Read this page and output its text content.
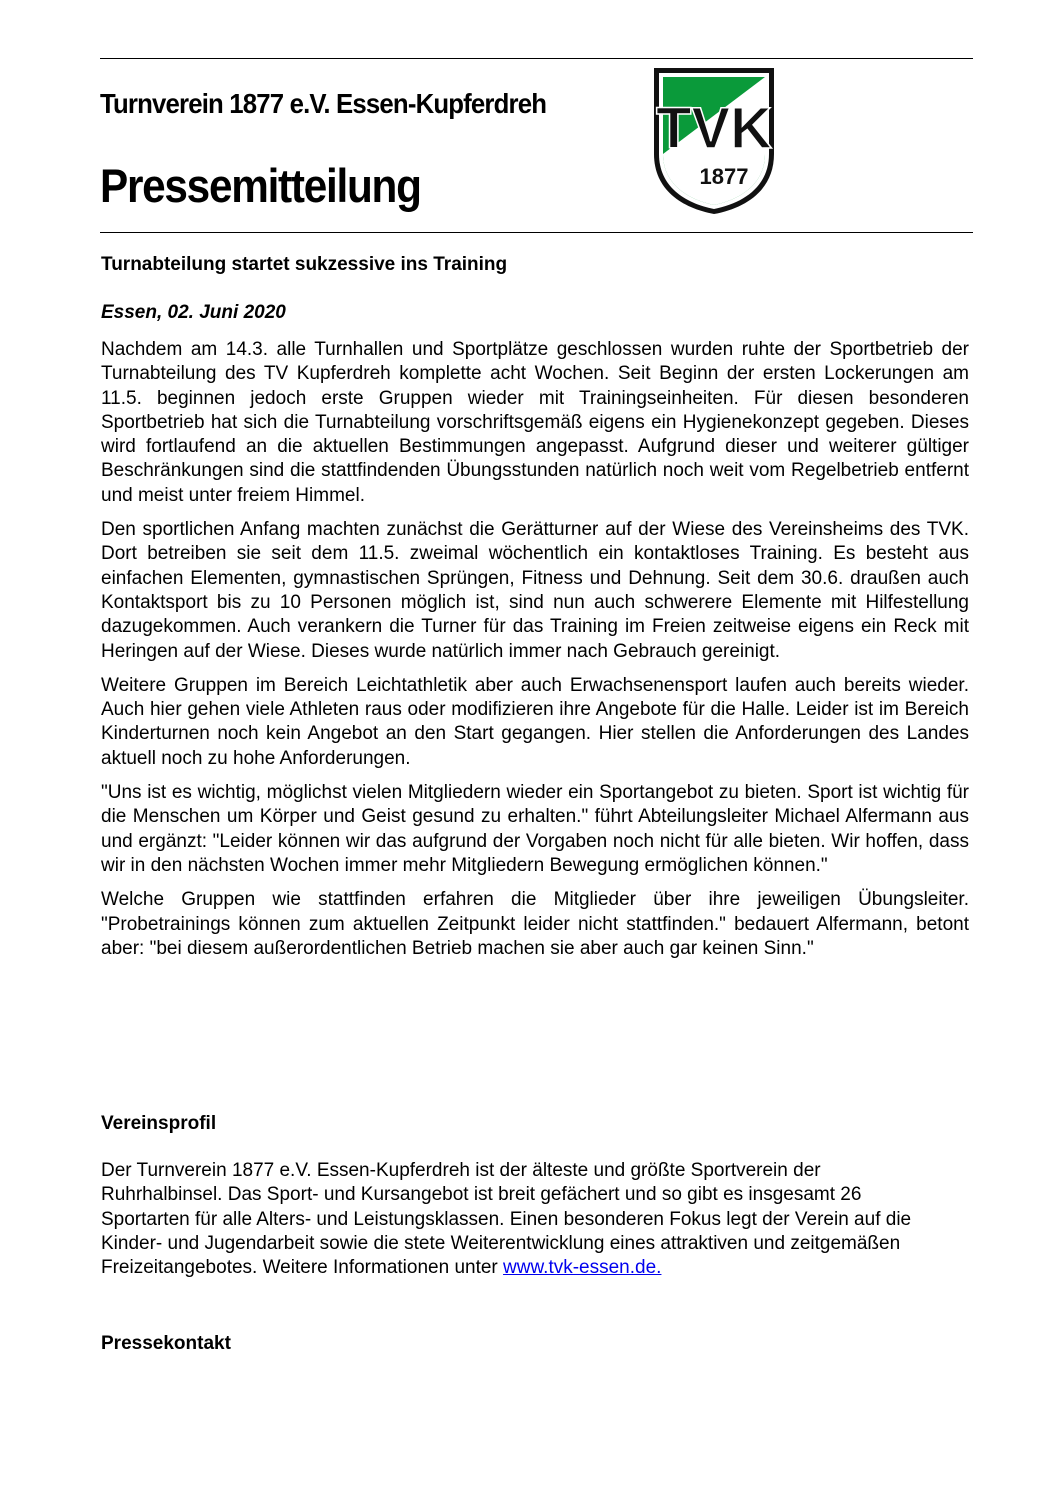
Turnverein 1877 e.V. Essen-Kupferdreh
Pressemitteilung
TVK
1877
Turnabteilung startet sukzessive ins Training
Essen, 02. Juni 2020

Nachdem am 14.3. alle Turnhallen und Sportplätze geschlossen wurden ruhte der Sportbetrieb der Turnabteilung des TV Kupferdreh komplette acht Wochen. Seit Beginn der ersten Lockerungen am 11.5. beginnen jedoch erste Gruppen wieder mit Trainingseinheiten. Für diesen besonderen Sportbetrieb hat sich die Turnabteilung vorschriftsgemäß eigens ein Hygienekonzept gegeben. Dieses wird fortlaufend an die aktuellen Bestimmungen angepasst. Aufgrund dieser und weiterer gültiger Beschränkungen sind die stattfindenden Übungsstunden natürlich noch weit vom Regelbetrieb entfernt und meist unter freiem Himmel.

Den sportlichen Anfang machten zunächst die Gerätturner auf der Wiese des Vereinsheims des TVK. Dort betreiben sie seit dem 11.5. zweimal wöchentlich ein kontaktloses Training. Es besteht aus einfachen Elementen, gymnastischen Sprüngen, Fitness und Dehnung. Seit dem 30.6. draußen auch Kontaktsport bis zu 10 Personen möglich ist, sind nun auch schwerere Elemente mit Hilfestellung dazugekommen. Auch verankern die Turner für das Training im Freien zeitweise eigens ein Reck mit Heringen auf der Wiese. Dieses wurde natürlich immer nach Gebrauch gereinigt.

Weitere Gruppen im Bereich Leichtathletik aber auch Erwachsenensport laufen auch bereits wieder. Auch hier gehen viele Athleten raus oder modifizieren ihre Angebote für die Halle. Leider ist im Bereich Kinderturnen noch kein Angebot an den Start gegangen. Hier stellen die Anforderungen des Landes aktuell noch zu hohe Anforderungen.

"Uns ist es wichtig, möglichst vielen Mitgliedern wieder ein Sportangebot zu bieten. Sport ist wichtig für die Menschen um Körper und Geist gesund zu erhalten." führt Abteilungsleiter Michael Alfermann aus und ergänzt: "Leider können wir das aufgrund der Vorgaben noch nicht für alle bieten. Wir hoffen, dass wir in den nächsten Wochen immer mehr Mitgliedern Bewegung ermöglichen können."

Welche Gruppen wie stattfinden erfahren die Mitglieder über ihre jeweiligen Übungsleiter. "Probetrainings können zum aktuellen Zeitpunkt leider nicht stattfinden." bedauert Alfermann, betont aber: "bei diesem außerordentlichen Betrieb machen sie aber auch gar keinen Sinn."

Vereinsprofil

Der Turnverein 1877 e.V. Essen-Kupferdreh ist der älteste und größte Sportverein der Ruhrhalbinsel. Das Sport- und Kursangebot ist breit gefächert und so gibt es insgesamt 26 Sportarten für alle Alters- und Leistungsklassen. Einen besonderen Fokus legt der Verein auf die Kinder- und Jugendarbeit sowie die stete Weiterentwicklung eines attraktiven und zeitgemäßen Freizeitangebotes. Weitere Informationen unter www.tvk-essen.de.

Pressekontakt
